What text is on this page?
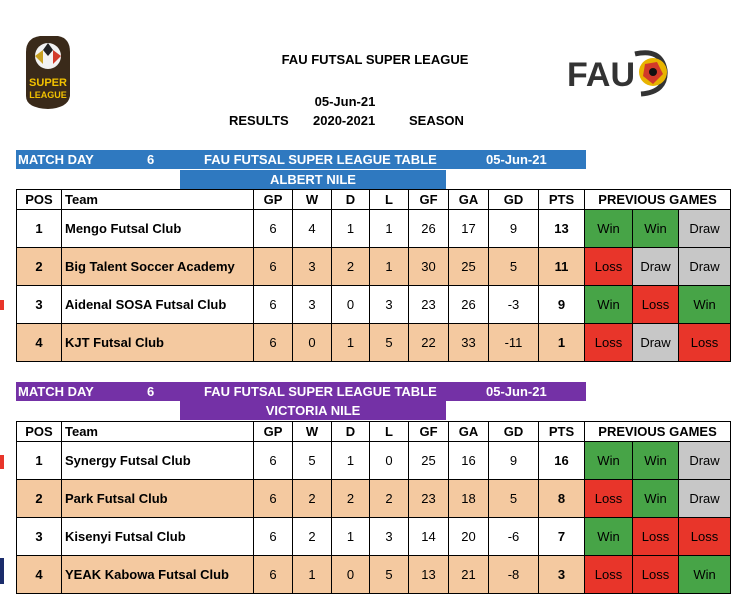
FAU FUTSAL SUPER LEAGUE
05-Jun-21
RESULTS 2020-2021	SEASON
SUPER
LEAGUE
FAU
MATCH DAY	6	FAU FUTSAL SUPER LEAGUE TABLE	05-Jun-21
ALBERT NILE
POS	Team	GP	W	D	L	GF	GA	GD	PTS	PREVIOUS GAMES		
1	Mengo Futsal Club	6	4	1	1	26	17	9	13	Win	Win	Draw
2	Big Talent Soccer Academy	6	3	2	1	30	25	5	11	Loss	Draw	Draw
3	Aidenal SOSA Futsal Club	6	3	0	3	23	26	-3	9	Win	Loss	Win
4	KJT Futsal Club	6	0	1	5	22	33	-11	1	Loss	Draw	Loss
MATCH DAY	6	FAU FUTSAL SUPER LEAGUE TABLE	05-Jun-21
VICTORIA NILE
POS	Team	GP	W	D	L	GF	GA	GD	PTS	PREVIOUS GAMES		
1	Synergy Futsal Club	6	5	1	0	25	16	9	16	Win	Win	Draw
2	Park Futsal Club	6	2	2	2	23	18	5	8	Loss	Win	Draw
3	Kisenyi Futsal Club	6	2	1	3	14	20	-6	7	Win	Loss	Loss
4	YEAK Kabowa Futsal Club	6	1	0	5	13	21	-8	3	Loss	Loss	Win
